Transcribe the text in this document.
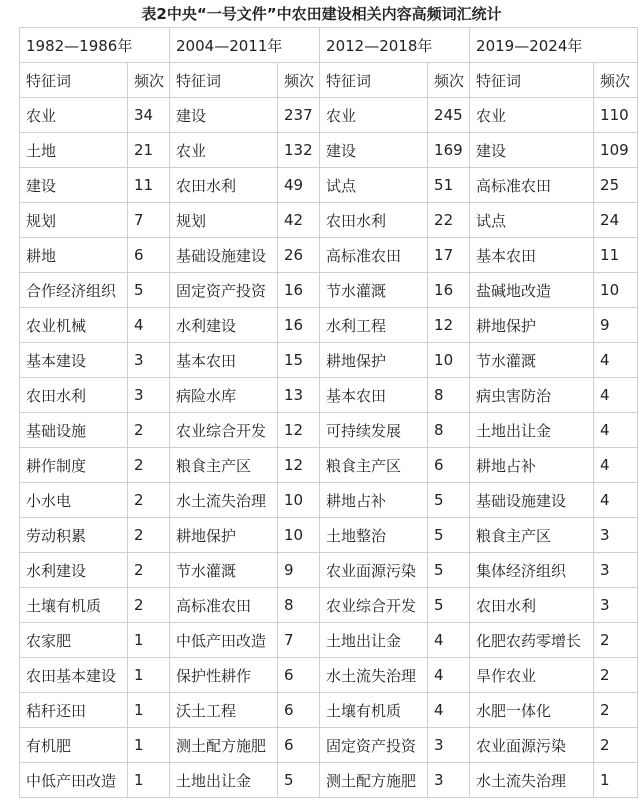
表2中央“一号文件”中农田建设相关内容高频词汇统计
1982—1986年		2004—2011年		2012—2018年		2019—2024年	
特征词	频次	特征词	频次	特征词	频次	特征词	频次
农业	34	建设	237	农业	245	农业	110
土地	21	农业	132	建设	169	建设	109
建设	11	农田水利	49	试点	51	高标准农田	25
规划	7	规划	42	农田水利	22	试点	24
耕地	6	基础设施建设	26	高标准农田	17	基本农田	11
合作经济组织	5	固定资产投资	16	节水灌溉	16	盐碱地改造	10
农业机械	4	水利建设	16	水利工程	12	耕地保护	9
基本建设	3	基本农田	15	耕地保护	10	节水灌溉	4
农田水利	3	病险水库	13	基本农田	8	病虫害防治	4
基础设施	2	农业综合开发	12	可持续发展	8	土地出让金	4
耕作制度	2	粮食主产区	12	粮食主产区	6	耕地占补	4
小水电	2	水土流失治理	10	耕地占补	5	基础设施建设	4
劳动积累	2	耕地保护	10	土地整治	5	粮食主产区	3
水利建设	2	节水灌溉	9	农业面源污染	5	集体经济组织	3
土壤有机质	2	高标准农田	8	农业综合开发	5	农田水利	3
农家肥	1	中低产田改造	7	土地出让金	4	化肥农药零增长	2
农田基本建设	1	保护性耕作	6	水土流失治理	4	旱作农业	2
秸秆还田	1	沃土工程	6	土壤有机质	4	水肥一体化	2
有机肥	1	测土配方施肥	6	固定资产投资	3	农业面源污染	2
中低产田改造	1	土地出让金	5	测土配方施肥	3	水土流失治理	1
